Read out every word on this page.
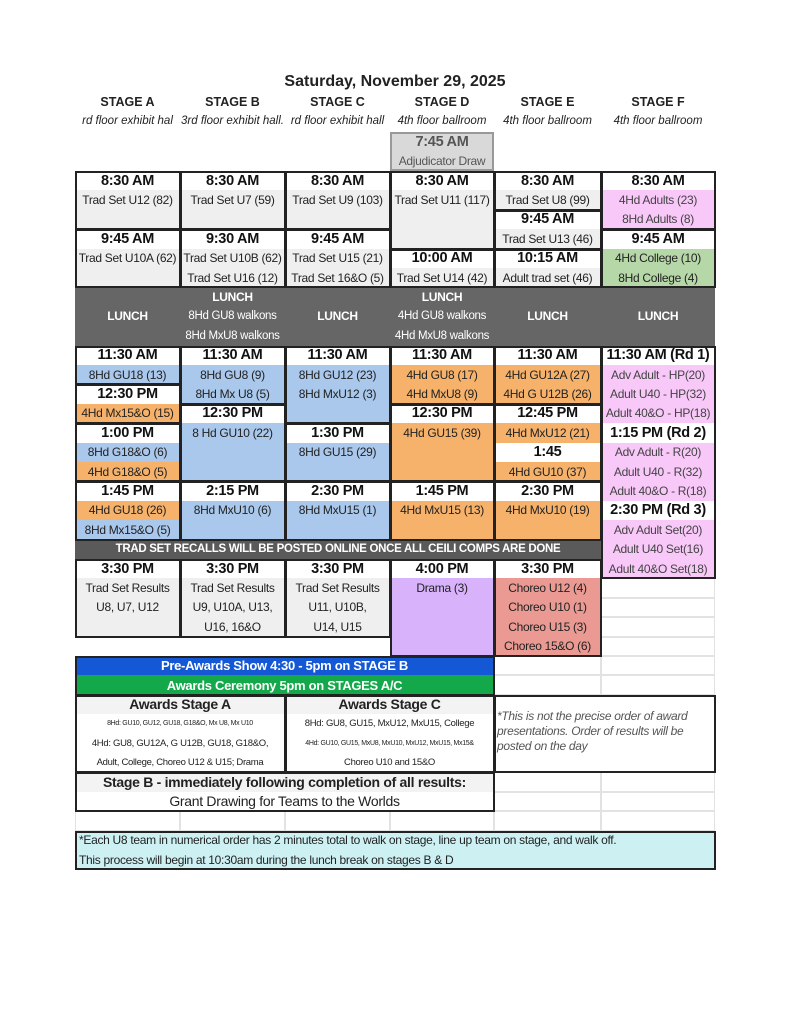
Saturday, November 29, 2025
STAGE A
rd floor exhibit hal
STAGE B
3rd floor exhibit hall.
STAGE C
rd floor exhibit hall
STAGE D
4th floor ballroom
STAGE E
4th floor ballroom
STAGE F
4th floor ballroom
7:45 AM
Adjudicator Draw
8:30 AM
Trad Set U12 (82)
9:45 AM
Trad Set U10A (62)
LUNCH
11:30 AM
8Hd GU18 (13)
12:30 PM
4Hd Mx15&O (15)
1:00 PM
8Hd G18&O (6)
4Hd G18&O (5)
1:45 PM
4Hd GU18 (26)
8Hd Mx15&O (5)
3:30 PM
Trad Set Results
U8, U7, U12
8:30 AM
Trad Set U7 (59)
9:30 AM
Trad Set U10B (62)
Trad Set U16 (12)
LUNCH
8Hd GU8 walkons
8Hd MxU8 walkons
11:30 AM
8Hd GU8 (9)
8Hd Mx U8 (5)
12:30 PM
8 Hd GU10 (22)
2:15 PM
8Hd MxU10 (6)
3:30 PM
Trad Set Results
U9, U10A, U13,
U16, 16&O
8:30 AM
Trad Set U9 (103)
9:45 AM
Trad Set U15 (21)
Trad Set 16&O (5)
LUNCH
11:30 AM
8Hd GU12 (23)
8Hd MxU12 (3)
1:30 PM
8Hd GU15 (29)
2:30 PM
8Hd MxU15 (1)
3:30 PM
Trad Set Results
U11, U10B,
U14, U15
8:30 AM
Trad Set U11 (117)
10:00 AM
Trad Set U14 (42)
LUNCH
4Hd GU8 walkons
4Hd MxU8 walkons
11:30 AM
4Hd GU8 (17)
4Hd MxU8 (9)
12:30 PM
4Hd GU15 (39)
1:45 PM
4Hd MxU15 (13)
4:00 PM
Drama (3)
8:30 AM
Trad Set U8 (99)
9:45 AM
Trad Set U13 (46)
10:15 AM
Adult trad set (46)
LUNCH
11:30 AM
4Hd GU12A (27)
4Hd G U12B (26)
12:45 PM
4Hd MxU12 (21)
1:45
4Hd GU10 (37)
2:30 PM
4Hd MxU10 (19)
3:30 PM
Choreo U12 (4)
Choreo U10 (1)
Choreo U15 (3)
Choreo 15&O (6)
8:30 AM
4Hd Adults (23)
8Hd Adults (8)
9:45 AM
4Hd College (10)
8Hd College (4)
LUNCH
11:30 AM (Rd 1)
Adv Adult - HP(20)
Adult U40 - HP(32)
Adult 40&O - HP(18)
1:15 PM (Rd 2)
Adv Adult - R(20)
Adult U40 - R(32)
Adult 40&O - R(18)
2:30 PM (Rd 3)
Adv Adult Set(20)
Adult U40 Set(16)
Adult 40&O Set(18)
TRAD SET RECALLS WILL BE POSTED ONLINE ONCE ALL CEILI COMPS ARE DONE
Pre-Awards Show 4:30 - 5pm on STAGE B
Awards Ceremony 5pm on STAGES A/C
Awards Stage A
8Hd: GU10, GU12, GU18, G18&O, Mx U8, Mx U10
4Hd: GU8, GU12A, G U12B, GU18, G18&O,
Adult, College, Choreo U12 & U15; Drama
Awards Stage C
8Hd: GU8, GU15, MxU12, MxU15, College
4Hd: GU10, GU15, MxU8, MxU10, MxU12, MxU15, Mx15&
Choreo U10 and 15&O
*This is not the precise order of award presentations. Order of results will be posted on the day
Stage B - immediately following completion of all results:
Grant Drawing for Teams to the Worlds
*Each U8 team in numerical order has 2 minutes total to walk on stage, line up team on stage, and walk off.
This process will begin at 10:30am during the lunch break on stages B & D
